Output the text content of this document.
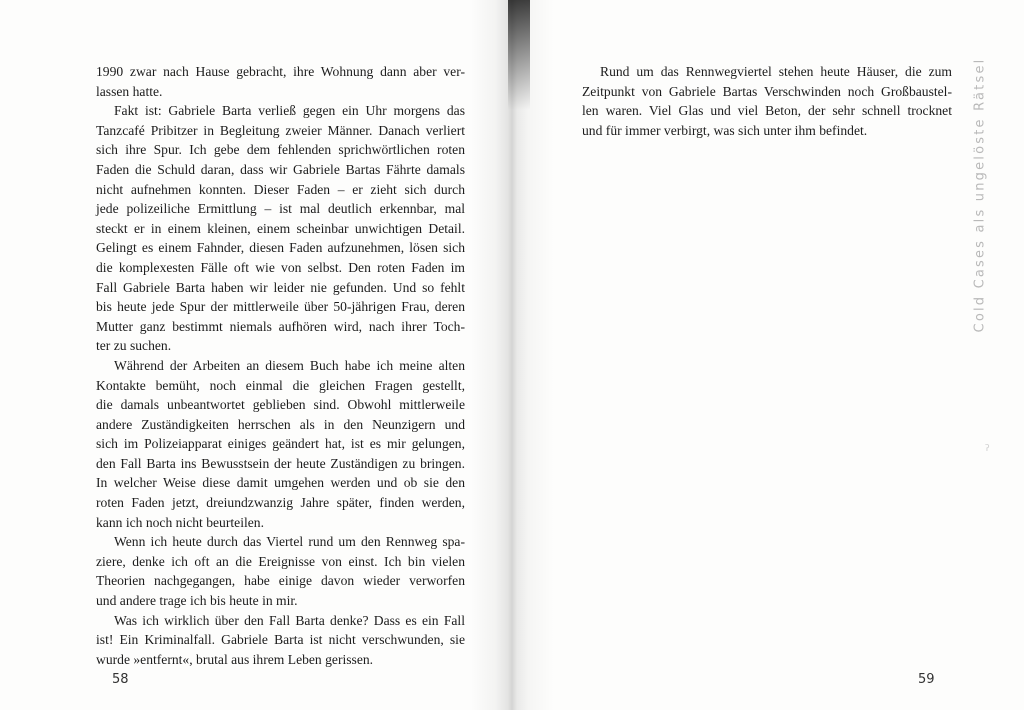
1990 zwar nach Hause gebracht, ihre Wohnung dann aber ver-
lassen hatte.
Fakt ist: Gabriele Barta verließ gegen ein Uhr morgens das
Tanzcafé Pribitzer in Begleitung zweier Männer. Danach verliert
sich ihre Spur. Ich gebe dem fehlenden sprichwörtlichen roten
Faden die Schuld daran, dass wir Gabriele Bartas Fährte damals
nicht aufnehmen konnten. Dieser Faden – er zieht sich durch
jede polizeiliche Ermittlung – ist mal deutlich erkennbar, mal
steckt er in einem kleinen, einem scheinbar unwichtigen Detail.
Gelingt es einem Fahnder, diesen Faden aufzunehmen, lösen sich
die komplexesten Fälle oft wie von selbst. Den roten Faden im
Fall Gabriele Barta haben wir leider nie gefunden. Und so fehlt
bis heute jede Spur der mittlerweile über 50-jährigen Frau, deren
Mutter ganz bestimmt niemals aufhören wird, nach ihrer Toch-
ter zu suchen.
Während der Arbeiten an diesem Buch habe ich meine alten
Kontakte bemüht, noch einmal die gleichen Fragen gestellt,
die damals unbeantwortet geblieben sind. Obwohl mittlerweile
andere Zuständigkeiten herrschen als in den Neunzigern und
sich im Polizeiapparat einiges geändert hat, ist es mir gelungen,
den Fall Barta ins Bewusstsein der heute Zuständigen zu bringen.
In welcher Weise diese damit umgehen werden und ob sie den
roten Faden jetzt, dreiundzwanzig Jahre später, finden werden,
kann ich noch nicht beurteilen.
Wenn ich heute durch das Viertel rund um den Rennweg spa-
ziere, denke ich oft an die Ereignisse von einst. Ich bin vielen
Theorien nachgegangen, habe einige davon wieder verworfen
und andere trage ich bis heute in mir.
Was ich wirklich über den Fall Barta denke? Dass es ein Fall
ist! Ein Kriminalfall. Gabriele Barta ist nicht verschwunden, sie
wurde »entfernt«, brutal aus ihrem Leben gerissen.
58
Rund um das Rennwegviertel stehen heute Häuser, die zum
Zeitpunkt von Gabriele Bartas Verschwinden noch Großbaustel-
len waren. Viel Glas und viel Beton, der sehr schnell trocknet
und für immer verbirgt, was sich unter ihm befindet.
59
Cold Cases als ungelöste Rätsel
ʔ
